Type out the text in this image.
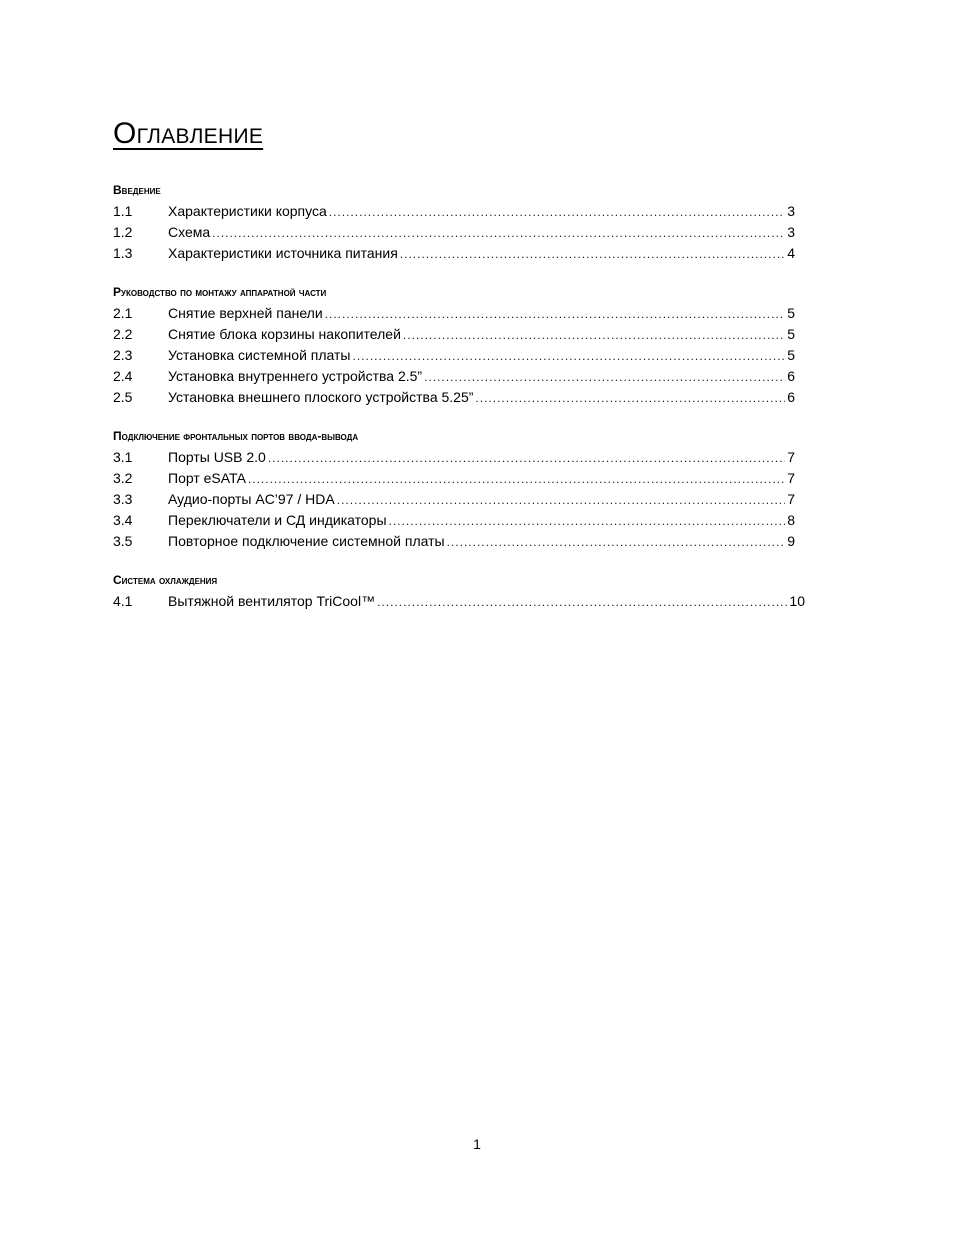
Оглавление
Введение
1.1	Характеристики корпуса .....	3
1.2	Схема .....	3
1.3	Характеристики источника питания .....	4
Руководство по монтажу аппаратной части
2.1	Снятие верхней панели .....	5
2.2	Снятие блока корзины накопителей .....	5
2.3	Установка системной платы .....	5
2.4	Установка внутреннего устройства 2.5” .....	6
2.5	Установка внешнего плоского устройства 5.25” .....	6
Подключение фронтальных портов ввода-вывода
3.1	Порты USB 2.0 .....	7
3.2	Порт eSATA .....	7
3.3	Аудио-порты AC’97 / HDA .....	7
3.4	Переключатели и СД индикаторы .....	8
3.5	Повторное подключение системной платы .....	9
Система охлаждения
4.1	Вытяжной вентилятор TriCool™ .....	10
1
